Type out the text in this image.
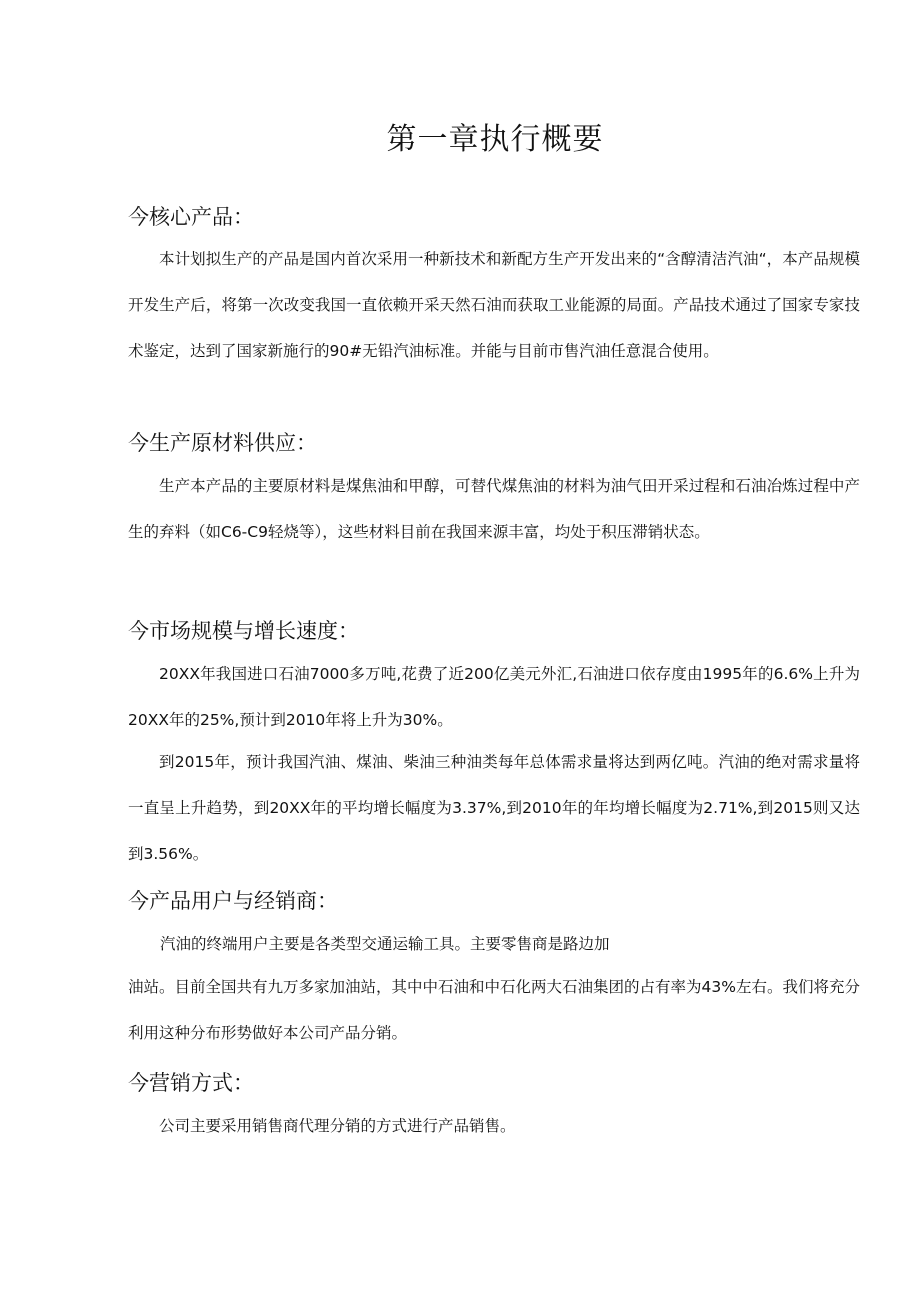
第一章执行概要
今核心产品：

本计划拟生产的产品是国内首次采用一种新技术和新配方生产开发出来的“含醇清洁汽油“，本产品规模开发生产后，将第一次改变我国一直依赖开采天然石油而获取工业能源的局面。产品技术通过了国家专家技术鉴定，达到了国家新施行的90#无铅汽油标准。并能与目前市售汽油任意混合使用。

今生产原材料供应：

生产本产品的主要原材料是煤焦油和甲醇，可替代煤焦油的材料为油气田开采过程和石油冶炼过程中产生的弃料（如C6-C9轻烧等），这些材料目前在我国来源丰富，均处于积压滞销状态。

今市场规模与增长速度：

20XX年我国进口石油7000多万吨,花费了近200亿美元外汇,石油进口依存度由1995年的6.6%上升为20XX年的25%,预计到2010年将上升为30%。

到2015年，预计我国汽油、煤油、柴油三种油类每年总体需求量将达到两亿吨。汽油的绝对需求量将一直呈上升趋势，到20XX年的平均增长幅度为3.37%,到2010年的年均增长幅度为2.71%,到2015则又达到3.56%。

今产品用户与经销商：

汽油的终端用户主要是各类型交通运输工具。主要零售商是路边加

油站。目前全国共有九万多家加油站，其中中石油和中石化两大石油集团的占有率为43%左右。我们将充分利用这种分布形势做好本公司产品分销。

今营销方式：

公司主要采用销售商代理分销的方式进行产品销售。
